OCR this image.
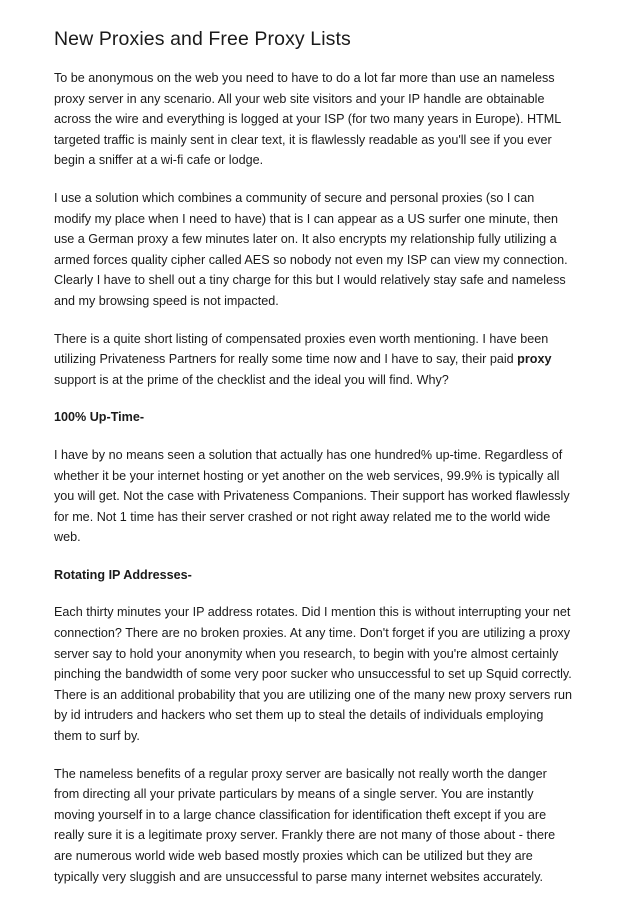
New Proxies and Free Proxy Lists

To be anonymous on the web you need to have to do a lot far more than use an nameless
proxy server in any scenario. All your web site visitors and your IP handle are obtainable
across the wire and everything is logged at your ISP (for two many years in Europe). HTML
targeted traffic is mainly sent in clear text, it is flawlessly readable as you'll see if you ever
begin a sniffer at a wi-fi cafe or lodge.

I use a solution which combines a community of secure and personal proxies (so I can
modify my place when I need to have) that is I can appear as a US surfer one minute, then
use a German proxy a few minutes later on. It also encrypts my relationship fully utilizing a
armed forces quality cipher called AES so nobody not even my ISP can view my connection.
Clearly I have to shell out a tiny charge for this but I would relatively stay safe and nameless
and my browsing speed is not impacted.

There is a quite short listing of compensated proxies even worth mentioning. I have been
utilizing Privateness Partners for really some time now and I have to say, their paid proxy
support is at the prime of the checklist and the ideal you will find. Why?

100% Up-Time-

I have by no means seen a solution that actually has one hundred% up-time. Regardless of
whether it be your internet hosting or yet another on the web services, 99.9% is typically all
you will get. Not the case with Privateness Companions. Their support has worked flawlessly
for me. Not 1 time has their server crashed or not right away related me to the world wide
web.

Rotating IP Addresses-

Each thirty minutes your IP address rotates. Did I mention this is without interrupting your net
connection? There are no broken proxies. At any time. Don't forget if you are utilizing a proxy
server say to hold your anonymity when you research, to begin with you're almost certainly
pinching the bandwidth of some very poor sucker who unsuccessful to set up Squid correctly.
There is an additional probability that you are utilizing one of the many new proxy servers run
by id intruders and hackers who set them up to steal the details of individuals employing
them to surf by.

The nameless benefits of a regular proxy server are basically not really worth the danger
from directing all your private particulars by means of a single server. You are instantly
moving yourself in to a large chance classification for identification theft except if you are
really sure it is a legitimate proxy server. Frankly there are not many of those about - there
are numerous world wide web based mostly proxies which can be utilized but they are
typically very sluggish and are unsuccessful to parse many internet websites accurately.
